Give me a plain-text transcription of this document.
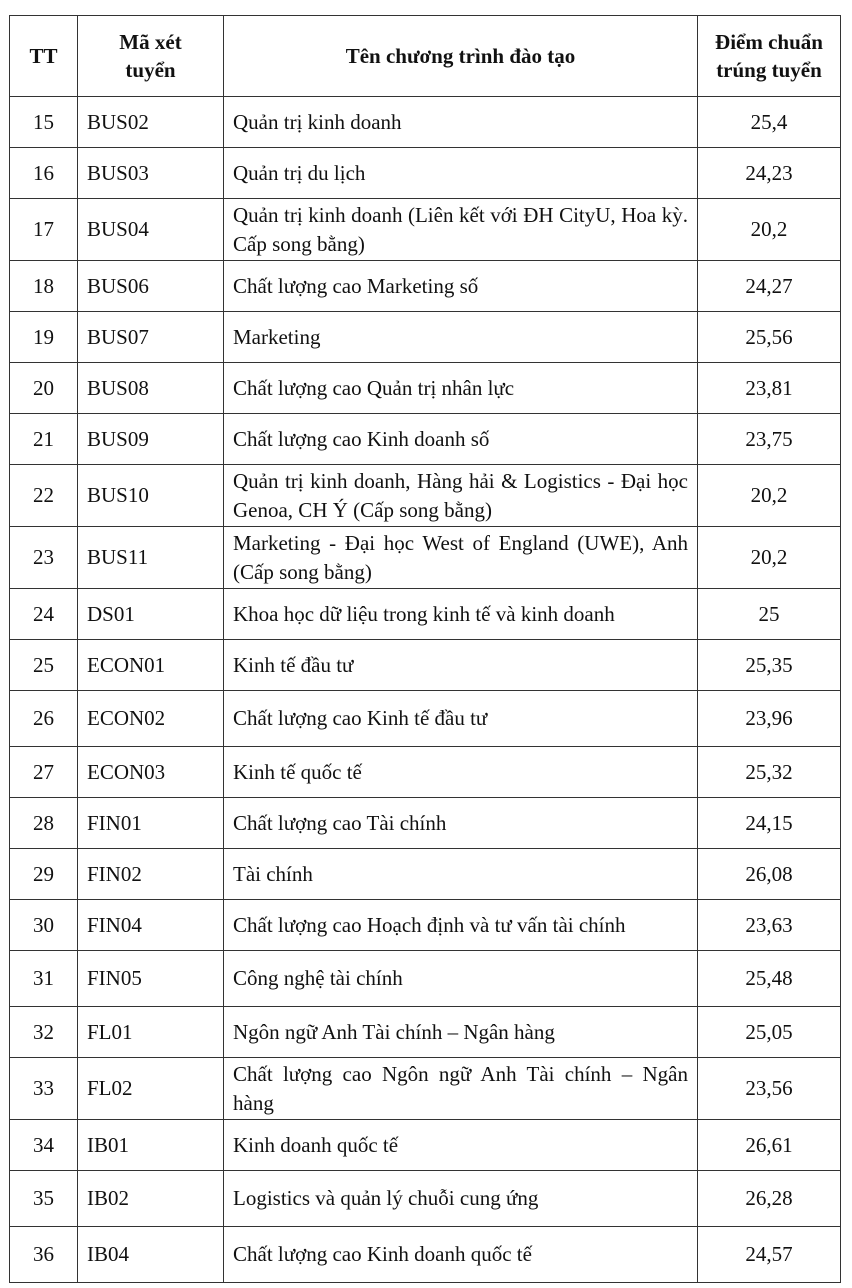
TT	Mã xét tuyển	Tên chương trình đào tạo	Điểm chuẩn trúng tuyển
15	BUS02	Quản trị kinh doanh	25,4
16	BUS03	Quản trị du lịch	24,23
17	BUS04	Quản trị kinh doanh (Liên kết với ĐH CityU, Hoa kỳ. Cấp song bằng)	20,2
18	BUS06	Chất lượng cao Marketing số	24,27
19	BUS07	Marketing	25,56
20	BUS08	Chất lượng cao Quản trị nhân lực	23,81
21	BUS09	Chất lượng cao Kinh doanh số	23,75
22	BUS10	Quản trị kinh doanh, Hàng hải & Logistics - Đại học Genoa, CH Ý (Cấp song bằng)	20,2
23	BUS11	Marketing - Đại học West of England (UWE), Anh (Cấp song bằng)	20,2
24	DS01	Khoa học dữ liệu trong kinh tế và kinh doanh	25
25	ECON01	Kinh tế đầu tư	25,35
26	ECON02	Chất lượng cao Kinh tế đầu tư	23,96
27	ECON03	Kinh tế quốc tế	25,32
28	FIN01	Chất lượng cao Tài chính	24,15
29	FIN02	Tài chính	26,08
30	FIN04	Chất lượng cao Hoạch định và tư vấn tài chính	23,63
31	FIN05	Công nghệ tài chính	25,48
32	FL01	Ngôn ngữ Anh Tài chính – Ngân hàng	25,05
33	FL02	Chất lượng cao Ngôn ngữ Anh Tài chính – Ngân hàng	23,56
34	IB01	Kinh doanh quốc tế	26,61
35	IB02	Logistics và quản lý chuỗi cung ứng	26,28
36	IB04	Chất lượng cao Kinh doanh quốc tế	24,57
